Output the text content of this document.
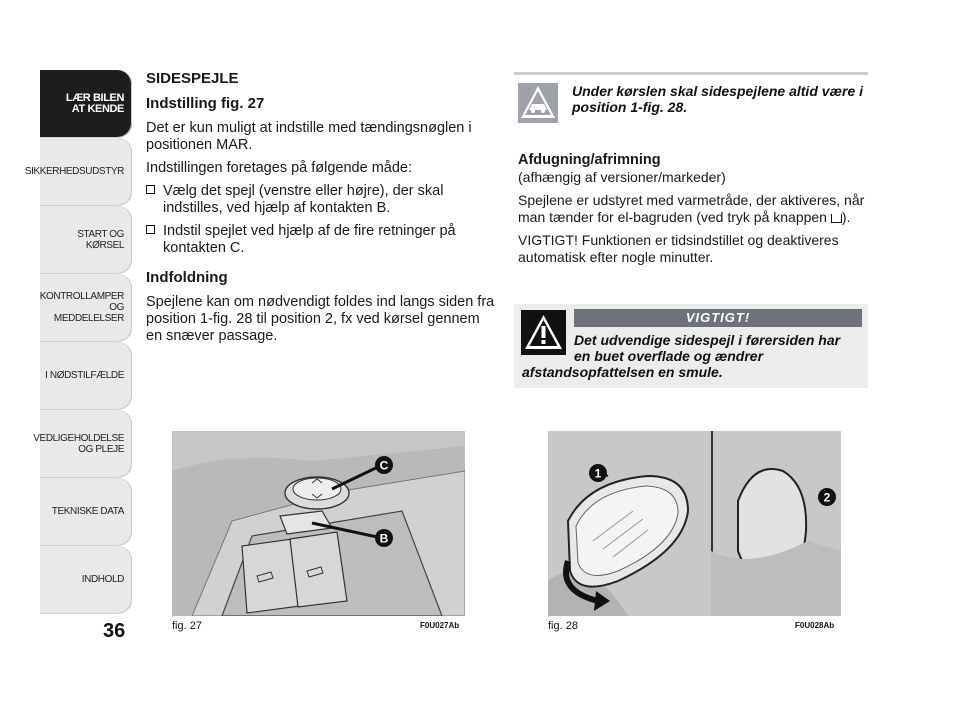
LÆR BILEN
AT KENDE
SIKKERHEDSUDSTYR
START OG KØRSEL
KONTROLLAMPER
OG MEDDELELSER
I NØDSTILFÆLDE
VEDLIGEHOLDELSE
OG PLEJE
TEKNISKE DATA
INDHOLD
36
SIDESPEJLE
Indstilling fig. 27
Det er kun muligt at indstille med tændingsnøglen i positionen MAR.
Indstillingen foretages på følgende måde:
Vælg det spejl (venstre eller højre), der skal indstilles, ved hjælp af kontakten B.
Indstil spejlet ved hjælp af de fire retninger på kontakten C.
Indfoldning
Spejlene kan om nødvendigt foldes ind langs siden fra position 1-fig. 28 til position 2, fx ved kørsel gennem en snæver passage.
Under kørslen skal sidespejlene altid være i position 1-fig. 28.
Afdugning/afrimning
(afhængig af versioner/markeder)
Spejlene er udstyret med varmetråde, der aktiveres, når man tænder for el-bagruden (ved tryk på knappen ).
VIGTIGT! Funktionen er tidsindstillet og deaktiveres automatisk efter nogle minutter.
VIGTIGT!
Det udvendige sidespejl i førersiden har
en buet overflade og ændrer
afstandsopfattelsen en smule.
C
B
fig. 27	F0U027Ab
1
2
fig. 28	F0U028Ab
